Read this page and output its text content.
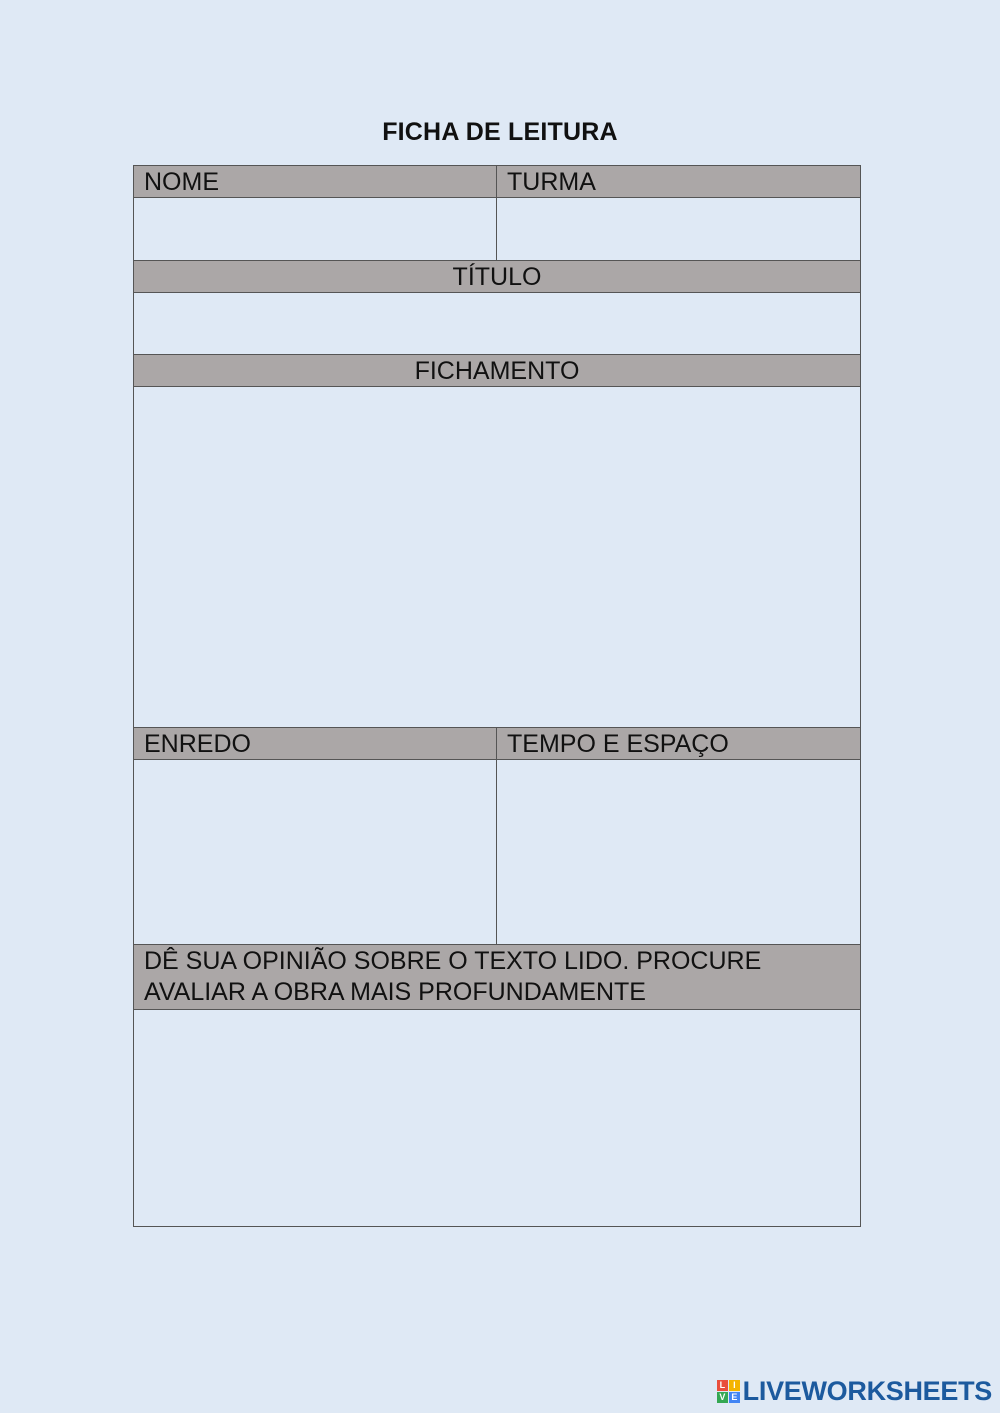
FICHA DE LEITURA
NOME	TURMA

TÍTULO	

FICHAMENTO	

ENREDO	TEMPO E ESPAÇO

DÊ SUA OPINIÃO SOBRE O TEXTO LIDO. PROCURE AVALIAR A OBRA MAIS PROFUNDAMENTE	

L I
V E LIVEWORKSHEETS
